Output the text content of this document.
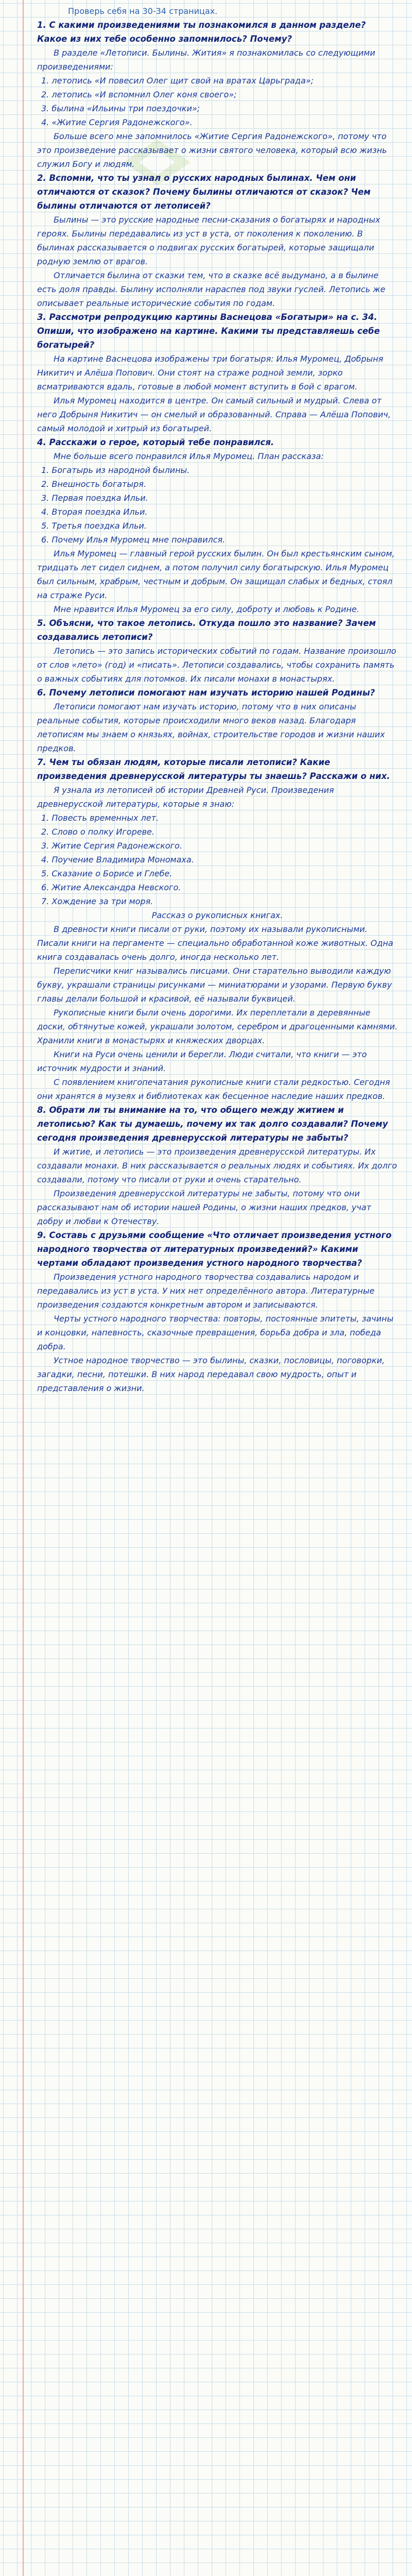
Проверь себя на 30-34 страницах.
1. С какими произведениями ты познакомился в данном разделе? Какое из них тебе особенно запомнилось? Почему?
В разделе «Летописи. Былины. Жития» я познакомилась со следующими произведениями:
1. летопись «И повесил Олег щит свой на вратах Царьграда»;
2. летопись «И вспомнил Олег коня своего»;
3. былина «Ильины три поездочки»;
4. «Житие Сергия Радонежского».
Больше всего мне запомнилось «Житие Сергия Радонежского», потому что это произведение рассказывает о жизни святого человека, который всю жизнь служил Богу и людям.
2. Вспомни, что ты узнал о русских народных былинах. Чем они отличаются от сказок? Почему былины отличаются от сказок? Чем былины отличаются от летописей?
Былины — это русские народные песни-сказания о богатырях и народных героях. Былины передавались из уст в уста, от поколения к поколению. В былинах рассказывается о подвигах русских богатырей, которые защищали родную землю от врагов.
Отличается былина от сказки тем, что в сказке всё выдумано, а в былине есть доля правды. Былину исполняли нараспев под звуки гуслей. Летопись же описывает реальные исторические события по годам.
3. Рассмотри репродукцию картины Васнецова «Богатыри» на с. 34. Опиши, что изображено на картине. Какими ты представляешь себе богатырей?
На картине Васнецова изображены три богатыря: Илья Муромец, Добрыня Никитич и Алёша Попович. Они стоят на страже родной земли, зорко всматриваются вдаль, готовые в любой момент вступить в бой с врагом.
Илья Муромец находится в центре. Он самый сильный и мудрый. Слева от него Добрыня Никитич — он смелый и образованный. Справа — Алёша Попович, самый молодой и хитрый из богатырей.
4. Расскажи о герое, который тебе понравился.
Мне больше всего понравился Илья Муромец. План рассказа:
1. Богатырь из народной былины.
2. Внешность богатыря.
3. Первая поездка Ильи.
4. Вторая поездка Ильи.
5. Третья поездка Ильи.
6. Почему Илья Муромец мне понравился.
Илья Муромец — главный герой русских былин. Он был крестьянским сыном, тридцать лет сидел сиднем, а потом получил силу богатырскую. Илья Муромец был сильным, храбрым, честным и добрым. Он защищал слабых и бедных, стоял на страже Руси.
Мне нравится Илья Муромец за его силу, доброту и любовь к Родине.
5. Объясни, что такое летопись. Откуда пошло это название? Зачем создавались летописи?
Летопись — это запись исторических событий по годам. Название произошло от слов «лето» (год) и «писать». Летописи создавались, чтобы сохранить память о важных событиях для потомков. Их писали монахи в монастырях.
6. Почему летописи помогают нам изучать историю нашей Родины?
Летописи помогают нам изучать историю, потому что в них описаны реальные события, которые происходили много веков назад. Благодаря летописям мы знаем о князьях, войнах, строительстве городов и жизни наших предков.
7. Чем ты обязан людям, которые писали летописи? Какие произведения древнерусской литературы ты знаешь? Расскажи о них.
Я узнала из летописей об истории Древней Руси. Произведения древнерусской литературы, которые я знаю:
1. Повесть временных лет.
2. Слово о полку Игореве.
3. Житие Сергия Радонежского.
4. Поучение Владимира Мономаха.
5. Сказание о Борисе и Глебе.
6. Житие Александра Невского.
7. Хождение за три моря.
Рассказ о рукописных книгах.
В древности книги писали от руки, поэтому их называли рукописными. Писали книги на пергаменте — специально обработанной коже животных. Одна книга создавалась очень долго, иногда несколько лет.
Переписчики книг назывались писцами. Они старательно выводили каждую букву, украшали страницы рисунками — миниатюрами и узорами. Первую букву главы делали большой и красивой, её называли буквицей.
Рукописные книги были очень дорогими. Их переплетали в деревянные доски, обтянутые кожей, украшали золотом, серебром и драгоценными камнями. Хранили книги в монастырях и княжеских дворцах.
Книги на Руси очень ценили и берегли. Люди считали, что книги — это источник мудрости и знаний.
С появлением книгопечатания рукописные книги стали редкостью. Сегодня они хранятся в музеях и библиотеках как бесценное наследие наших предков.
8. Обрати ли ты внимание на то, что общего между житием и летописью? Как ты думаешь, почему их так долго создавали? Почему сегодня произведения древнерусской литературы не забыты?
И житие, и летопись — это произведения древнерусской литературы. Их создавали монахи. В них рассказывается о реальных людях и событиях. Их долго создавали, потому что писали от руки и очень старательно.
Произведения древнерусской литературы не забыты, потому что они рассказывают нам об истории нашей Родины, о жизни наших предков, учат добру и любви к Отечеству.
9. Составь с друзьями сообщение «Что отличает произведения устного народного творчества от литературных произведений?» Какими чертами обладают произведения устного народного творчества?
Произведения устного народного творчества создавались народом и передавались из уст в уста. У них нет определённого автора. Литературные произведения создаются конкретным автором и записываются.
Черты устного народного творчества: повторы, постоянные эпитеты, зачины и концовки, напевность, сказочные превращения, борьба добра и зла, победа добра.
Устное народное творчество — это былины, сказки, пословицы, поговорки, загадки, песни, потешки. В них народ передавал свою мудрость, опыт и представления о жизни.
